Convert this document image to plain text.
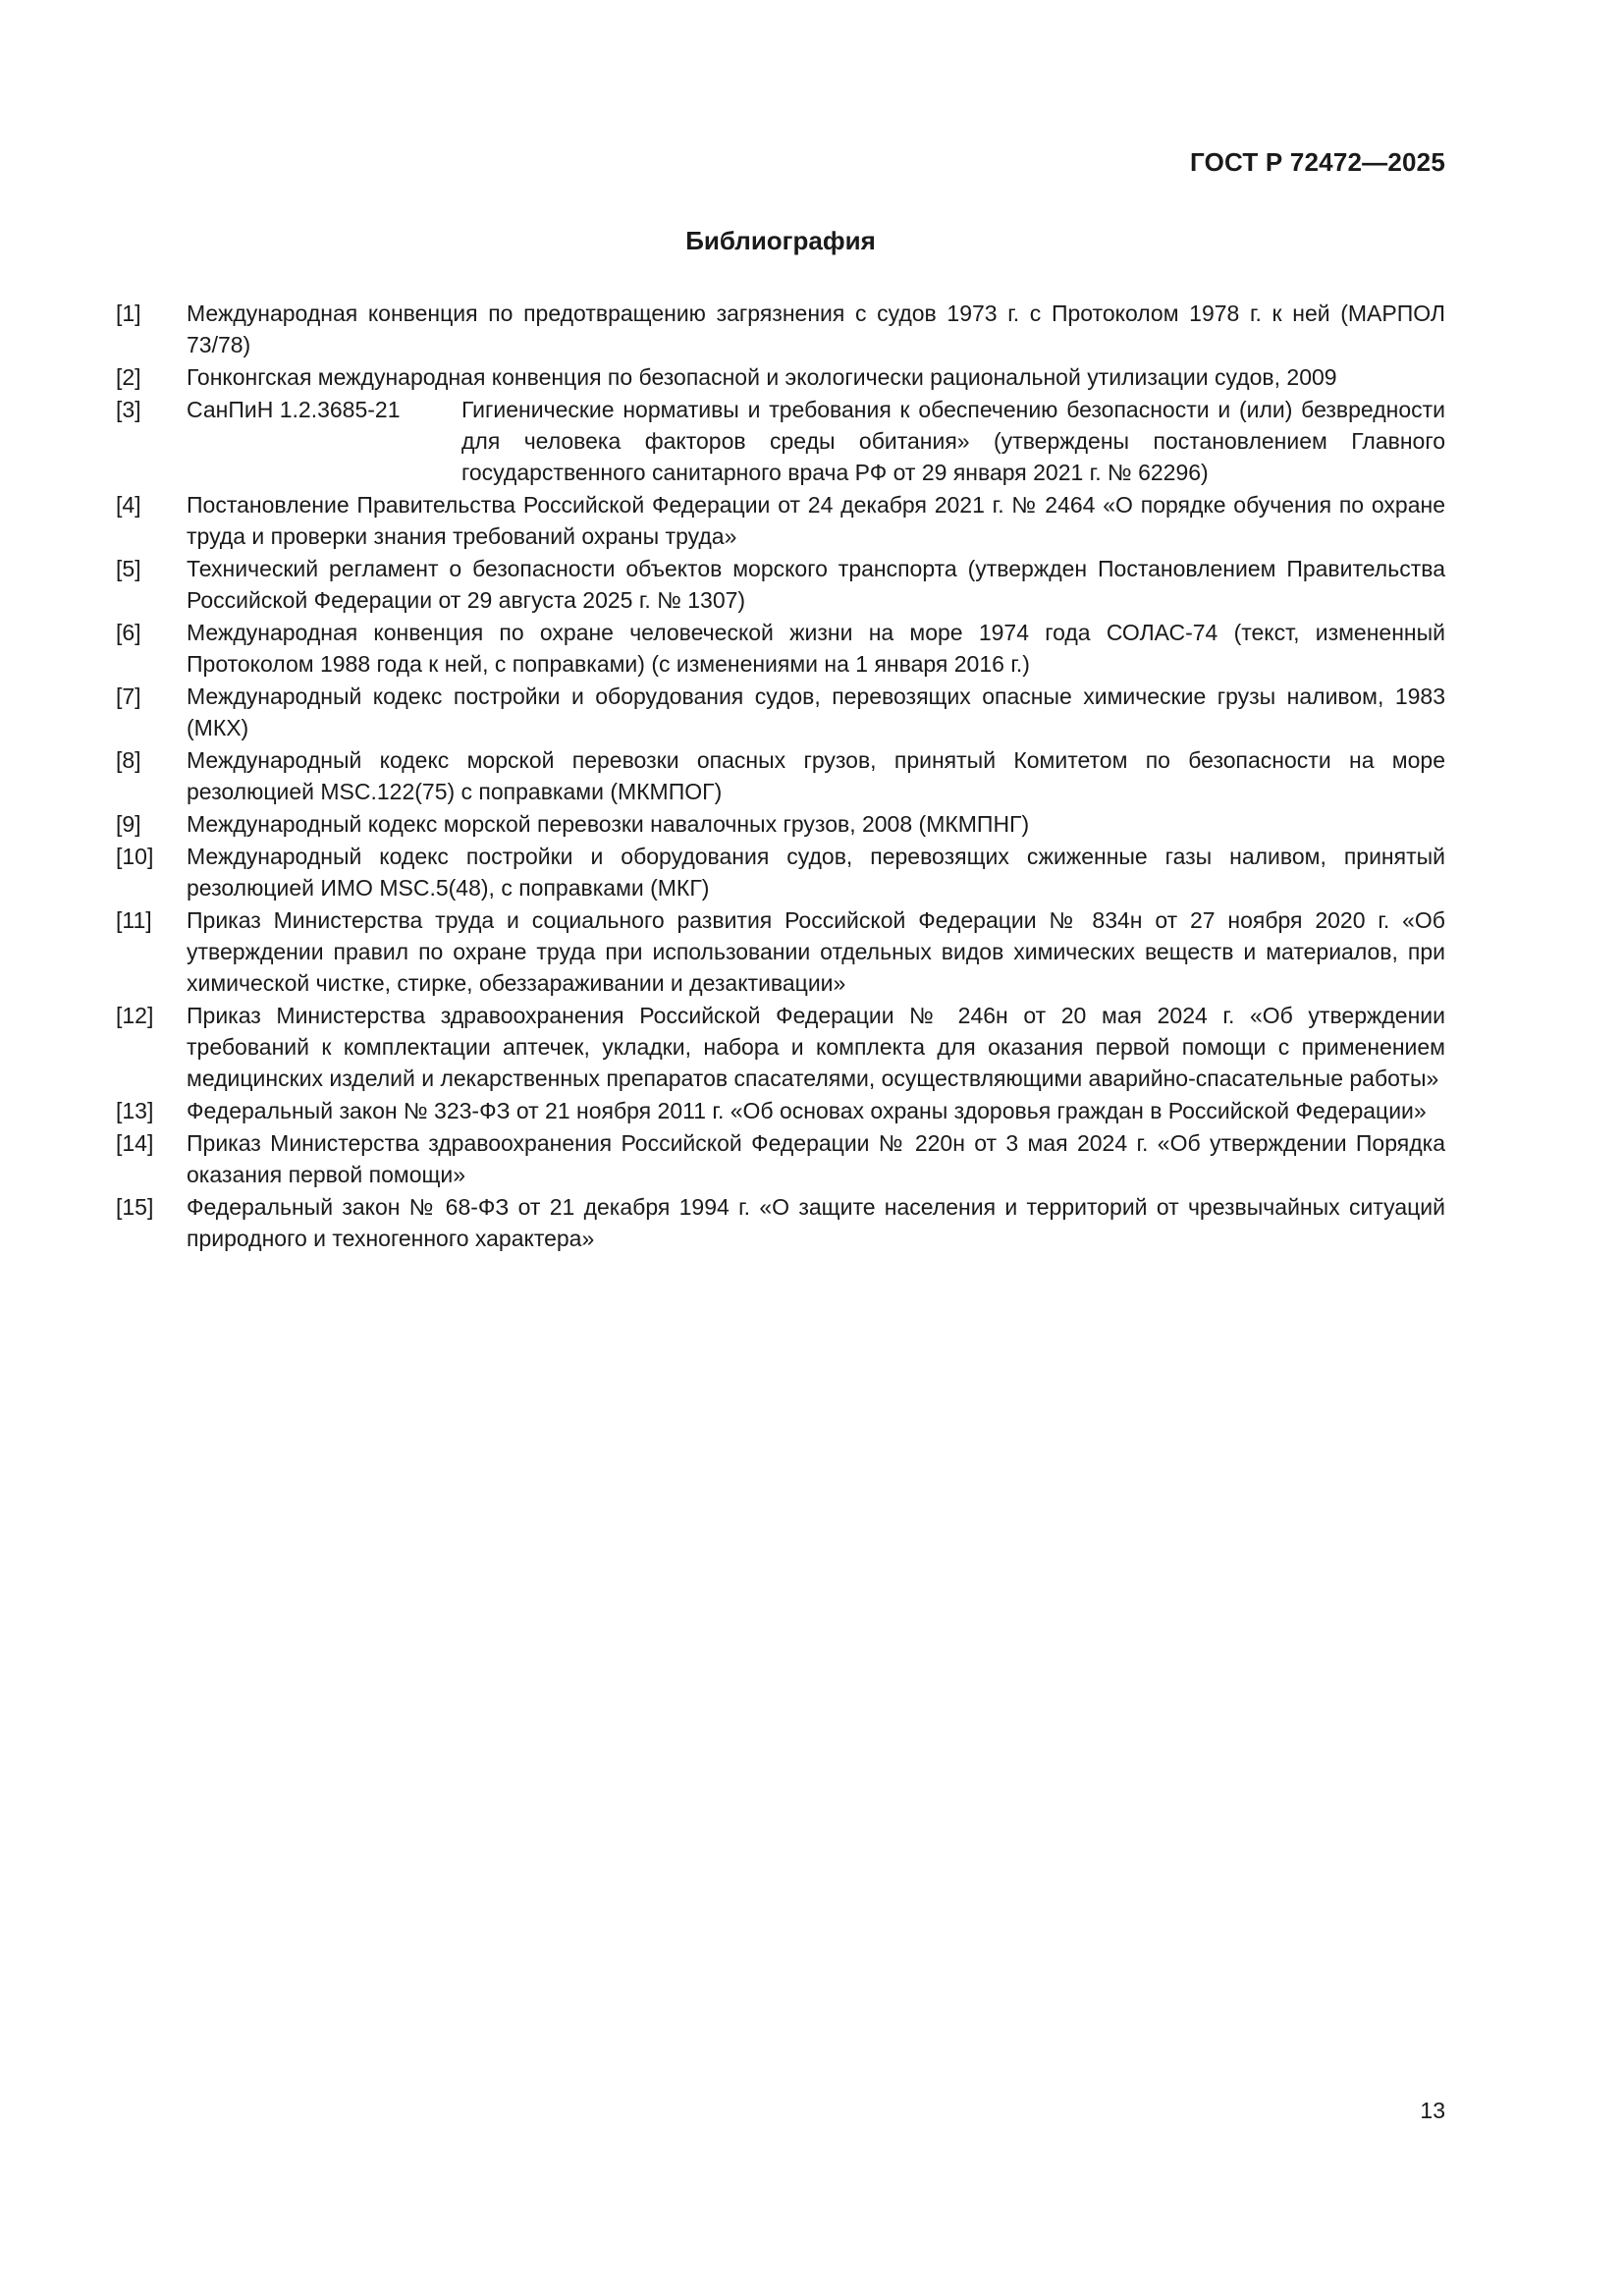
ГОСТ Р 72472—2025
Библиография
[1]	Международная конвенция по предотвращению загрязнения с судов 1973 г. с Протоколом 1978 г. к ней (МАРПОЛ 73/78)
[2]	Гонконгская международная конвенция по безопасной и экологически рациональной утилизации судов, 2009
[3]	СанПиН 1.2.3685-21	Гигиенические нормативы и требования к обеспечению безопасности и (или) безвредности для человека факторов среды обитания» (утверждены постановлением Главного государственного санитарного врача РФ от 29 января 2021 г. № 62296)
[4]	Постановление Правительства Российской Федерации от 24 декабря 2021 г. № 2464 «О порядке обучения по охране труда и проверки знания требований охраны труда»
[5]	Технический регламент о безопасности объектов морского транспорта (утвержден Постановлением Правительства Российской Федерации от 29 августа 2025 г. № 1307)
[6]	Международная конвенция по охране человеческой жизни на море 1974 года СОЛАС-74 (текст, измененный Протоколом 1988 года к ней, с поправками) (с изменениями на 1 января 2016 г.)
[7]	Международный кодекс постройки и оборудования судов, перевозящих опасные химические грузы наливом, 1983 (МКХ)
[8]	Международный кодекс морской перевозки опасных грузов, принятый Комитетом по безопасности на море резолюцией MSC.122(75) с поправками (МКМПОГ)
[9]	Международный кодекс морской перевозки навалочных грузов, 2008 (МКМПНГ)
[10]	Международный кодекс постройки и оборудования судов, перевозящих сжиженные газы наливом, принятый резолюцией ИМО MSC.5(48), с поправками (МКГ)
[11]	Приказ Министерства труда и социального развития Российской Федерации № 834н от 27 ноября 2020 г. «Об утверждении правил по охране труда при использовании отдельных видов химических веществ и материалов, при химической чистке, стирке, обеззараживании и дезактивации»
[12]	Приказ Министерства здравоохранения Российской Федерации № 246н от 20 мая 2024 г. «Об утверждении требований к комплектации аптечек, укладки, набора и комплекта для оказания первой помощи с применением медицинских изделий и лекарственных препаратов спасателями, осуществляющими аварийно-спасательные работы»
[13]	Федеральный закон № 323-ФЗ от 21 ноября 2011 г. «Об основах охраны здоровья граждан в Российской Федерации»
[14]	Приказ Министерства здравоохранения Российской Федерации № 220н от 3 мая 2024 г. «Об утверждении Порядка оказания первой помощи»
[15]	Федеральный закон № 68-ФЗ от 21 декабря 1994 г. «О защите населения и территорий от чрезвычайных ситуаций природного и техногенного характера»
13
